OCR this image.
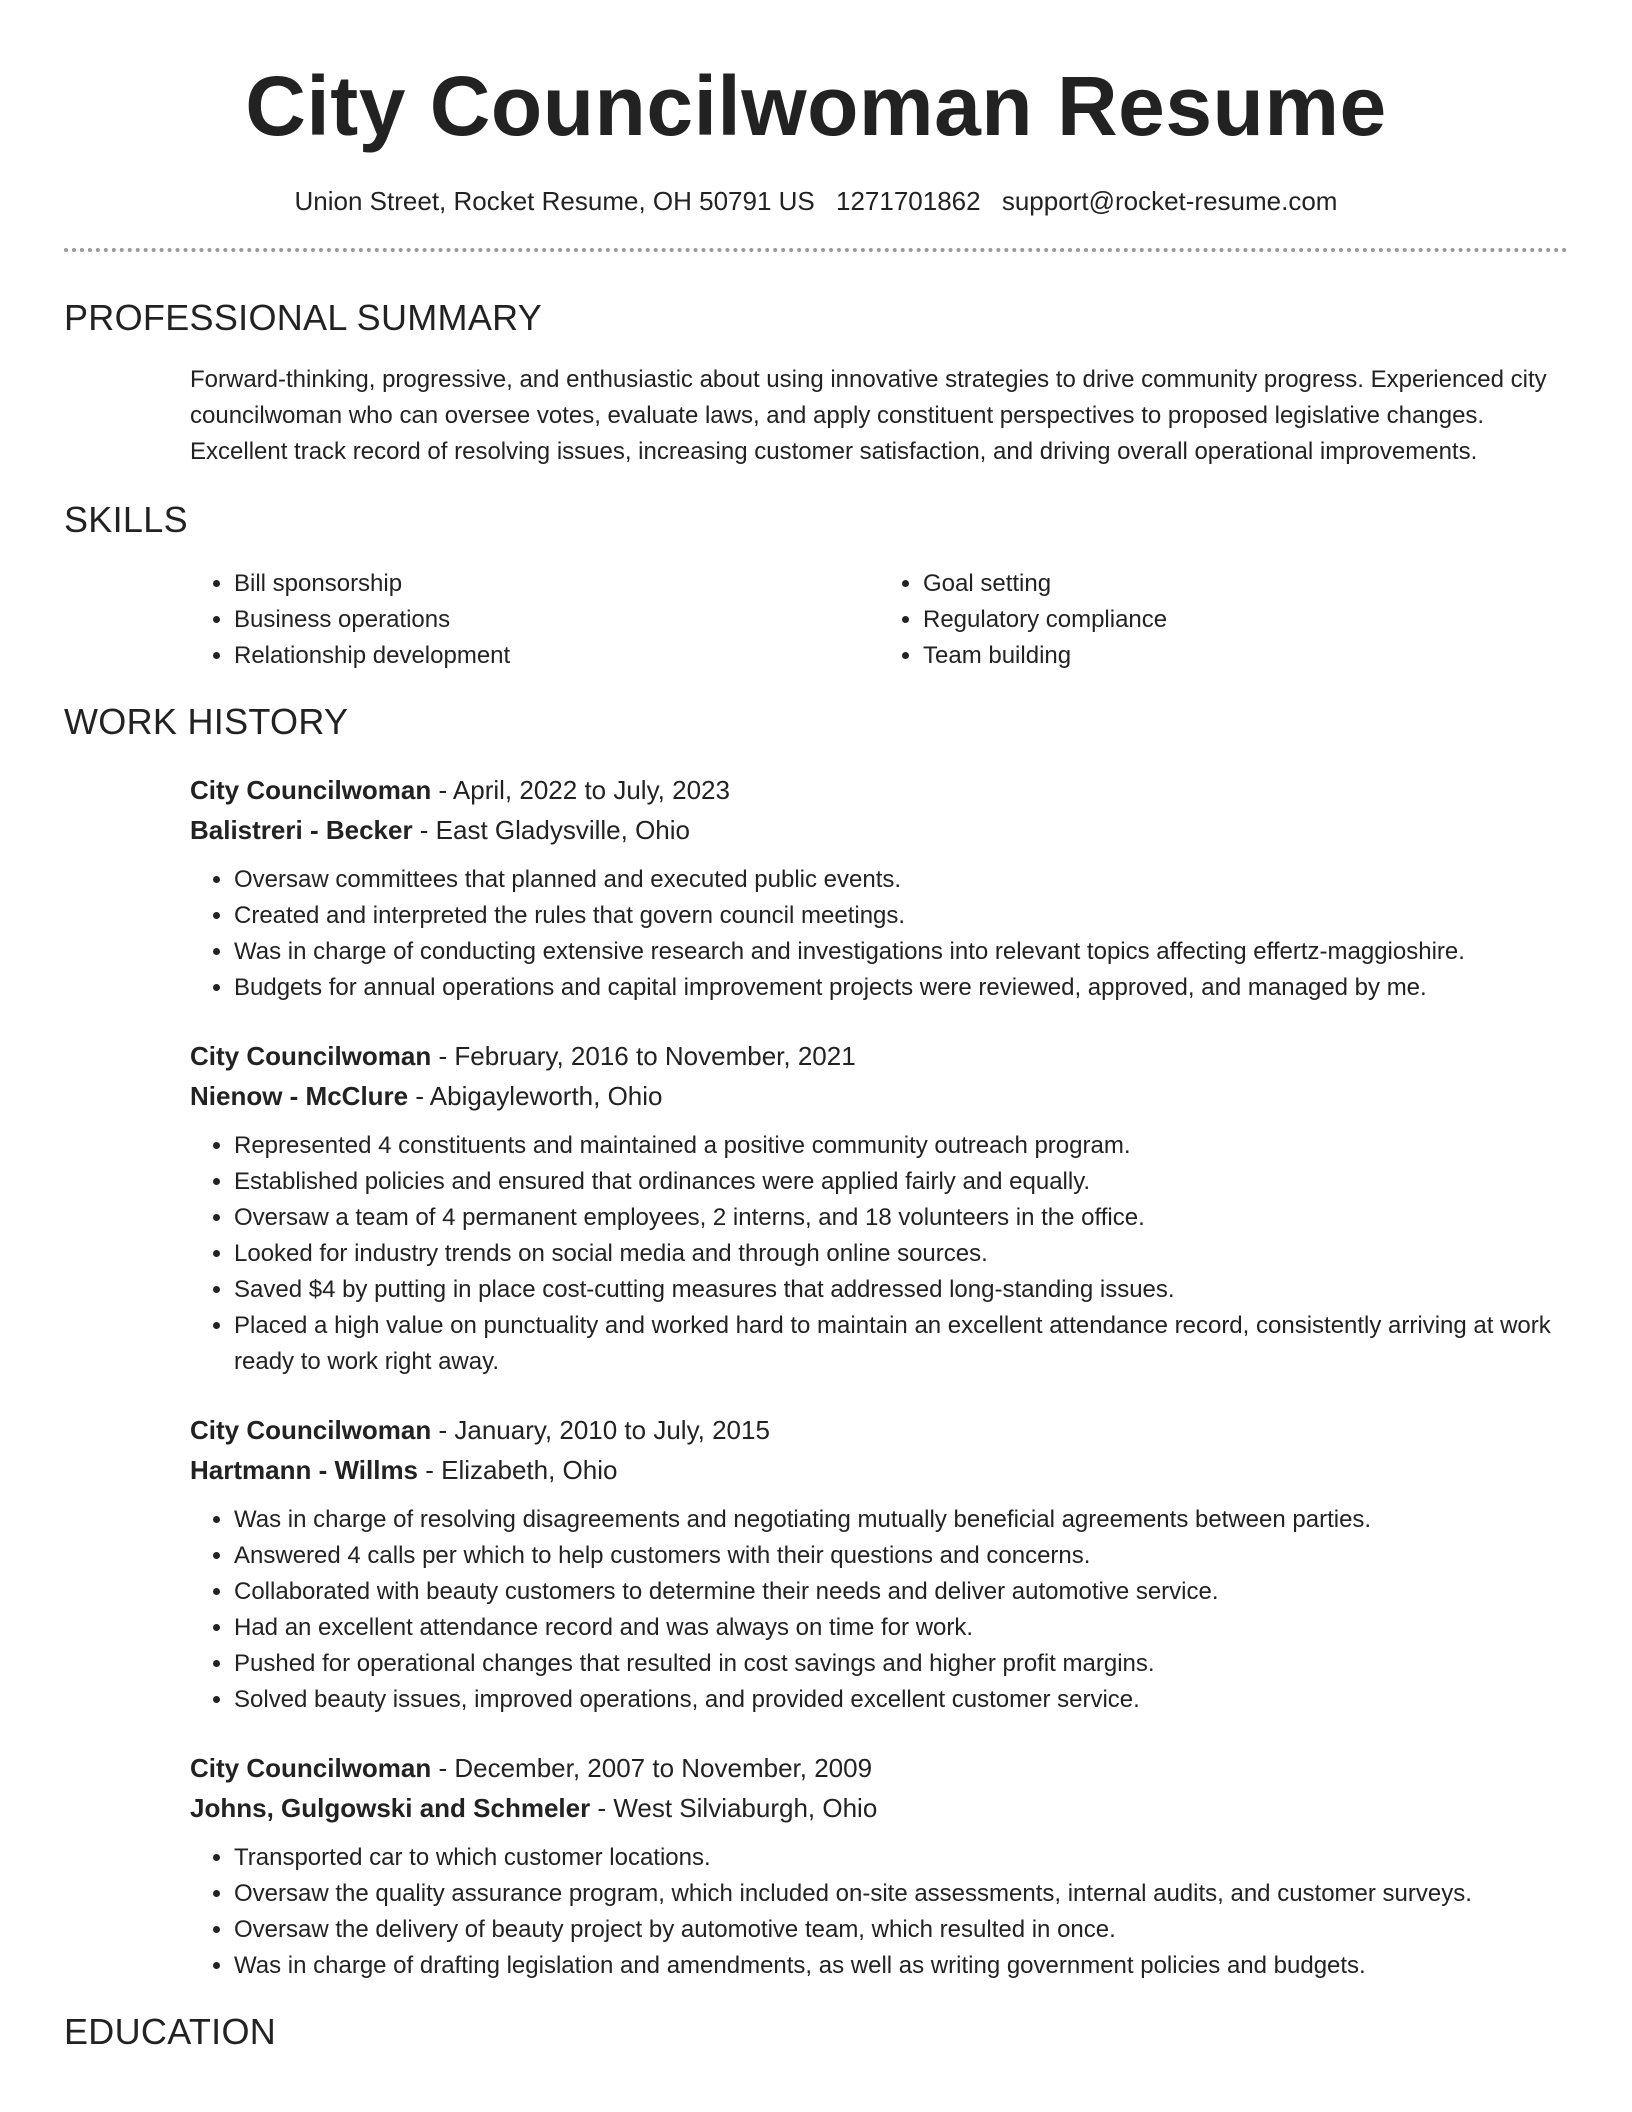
City Councilwoman Resume
Union Street, Rocket Resume, OH 50791 US 1271701862 support@rocket-resume.com
PROFESSIONAL SUMMARY

Forward-thinking, progressive, and enthusiastic about using innovative strategies to drive community progress. Experienced city councilwoman who can oversee votes, evaluate laws, and apply constituent perspectives to proposed legislative changes. Excellent track record of resolving issues, increasing customer satisfaction, and driving overall operational improvements.

SKILLS
• Bill sponsorship
• Business operations
• Relationship development
• Goal setting
• Regulatory compliance
• Team building
WORK HISTORY
City Councilwoman - April, 2022 to July, 2023
Balistreri - Becker - East Gladysville, Ohio
• Oversaw committees that planned and executed public events.
• Created and interpreted the rules that govern council meetings.
• Was in charge of conducting extensive research and investigations into relevant topics affecting effertz-maggioshire.
• Budgets for annual operations and capital improvement projects were reviewed, approved, and managed by me.
City Councilwoman - February, 2016 to November, 2021
Nienow - McClure - Abigayleworth, Ohio
• Represented 4 constituents and maintained a positive community outreach program.
• Established policies and ensured that ordinances were applied fairly and equally.
• Oversaw a team of 4 permanent employees, 2 interns, and 18 volunteers in the office.
• Looked for industry trends on social media and through online sources.
• Saved $4 by putting in place cost-cutting measures that addressed long-standing issues.
• Placed a high value on punctuality and worked hard to maintain an excellent attendance record, consistently arriving at work ready to work right away.
City Councilwoman - January, 2010 to July, 2015
Hartmann - Willms - Elizabeth, Ohio
• Was in charge of resolving disagreements and negotiating mutually beneficial agreements between parties.
• Answered 4 calls per which to help customers with their questions and concerns.
• Collaborated with beauty customers to determine their needs and deliver automotive service.
• Had an excellent attendance record and was always on time for work.
• Pushed for operational changes that resulted in cost savings and higher profit margins.
• Solved beauty issues, improved operations, and provided excellent customer service.
City Councilwoman - December, 2007 to November, 2009
Johns, Gulgowski and Schmeler - West Silviaburgh, Ohio
• Transported car to which customer locations.
• Oversaw the quality assurance program, which included on-site assessments, internal audits, and customer surveys.
• Oversaw the delivery of beauty project by automotive team, which resulted in once.
• Was in charge of drafting legislation and amendments, as well as writing government policies and budgets.
EDUCATION
